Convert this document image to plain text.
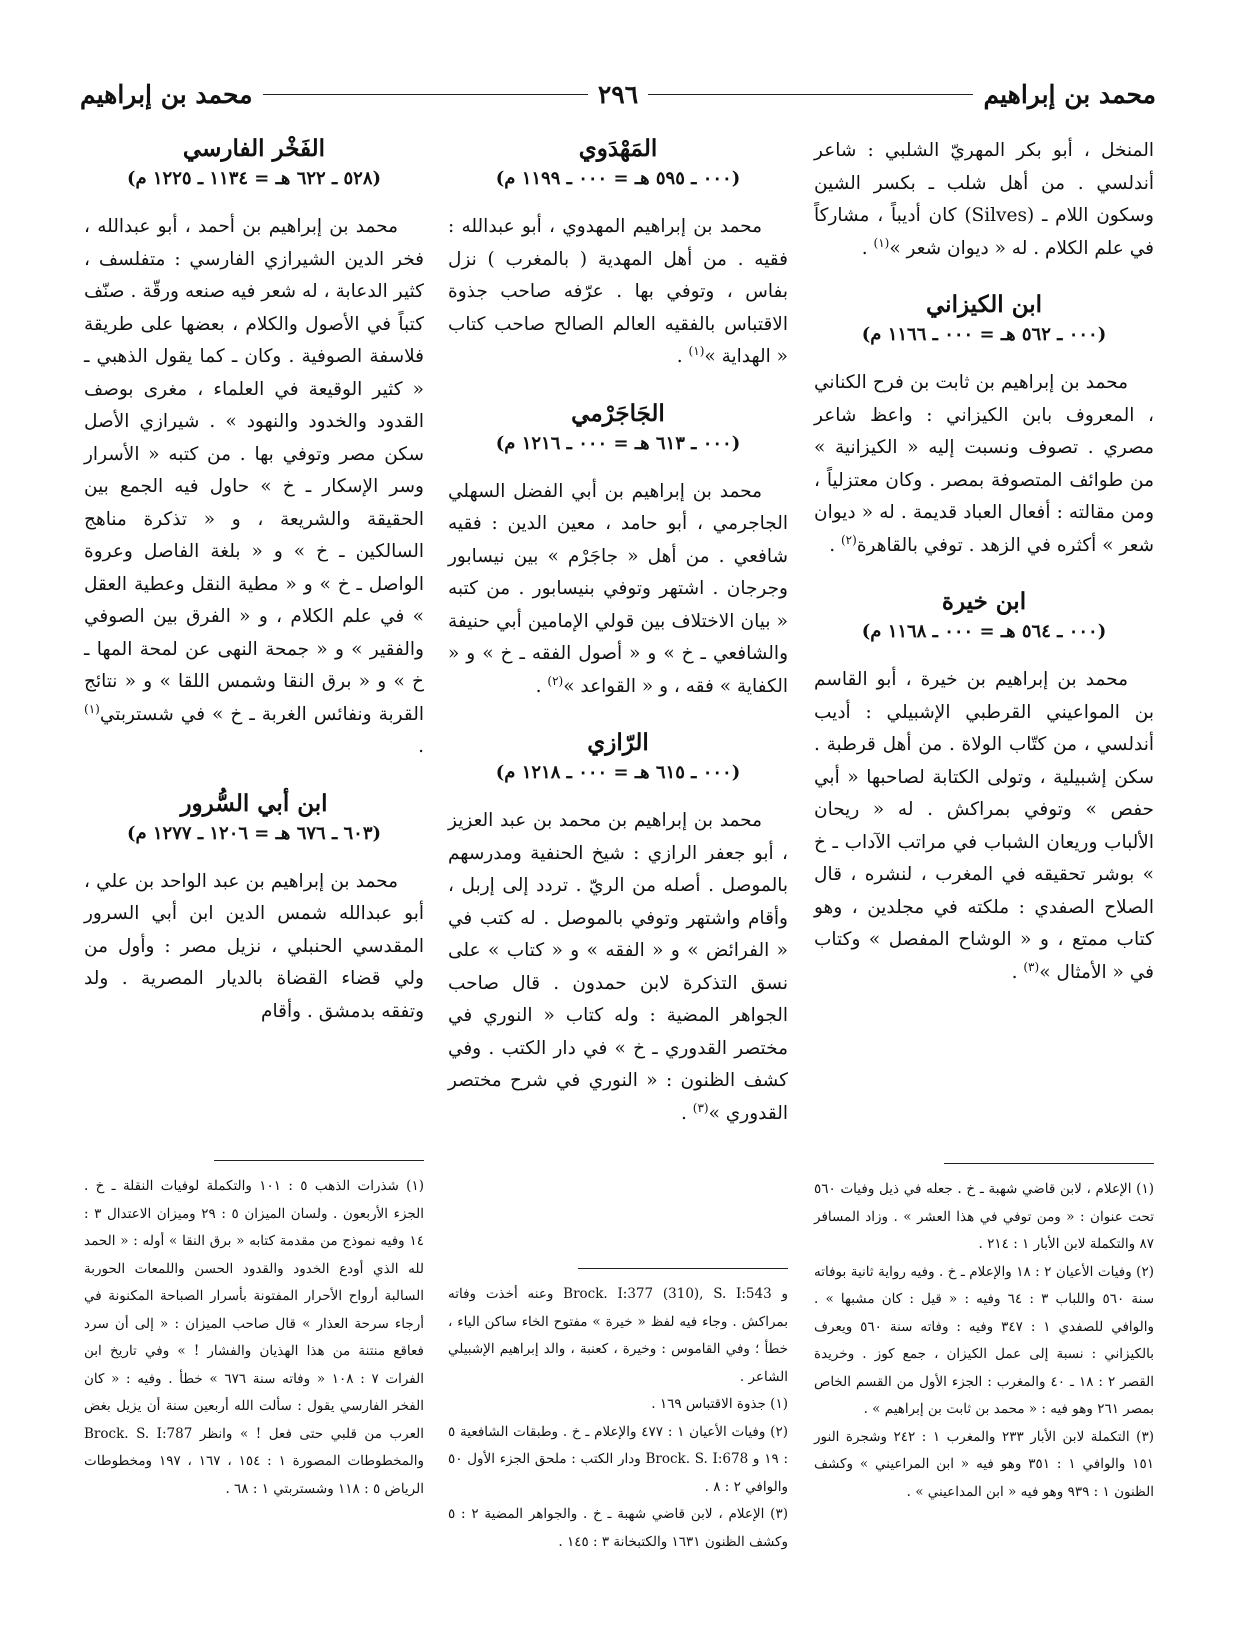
محمد بن إبراهيم
٢٩٦
محمد بن إبراهيم

المنخل ، أبو بكر المهريّ الشلبي : شاعر أندلسي . من أهل شلب ـ بكسر الشين وسكون اللام ـ (Silves) كان أديباً ، مشاركاً في علم الكلام . له « ديوان شعر »$^{(١)}$ .

ابن الكيزاني
(٠٠٠ ـ ٥٦٢ هـ = ٠٠٠ ـ ١١٦٦ م)

محمد بن إبراهيم بن ثابت بن فرح الكناني ، المعروف بابن الكيزاني : واعظ شاعر مصري . تصوف ونسبت إليه « الكيزانية » من طوائف المتصوفة بمصر . وكان معتزلياً ، ومن مقالته : أفعال العباد قديمة . له « ديوان شعر » أكثره في الزهد . توفي بالقاهرة$^{(٢)}$ .

ابن خيرة
(٠٠٠ ـ ٥٦٤ هـ = ٠٠٠ ـ ١١٦٨ م)

محمد بن إبراهيم بن خيرة ، أبو القاسم بن المواعيني القرطبي الإشبيلي : أديب أندلسي ، من كتّاب الولاة . من أهل قرطبة . سكن إشبيلية ، وتولى الكتابة لصاحبها « أبي حفص » وتوفي بمراكش . له « ريحان الألباب وريعان الشباب في مراتب الآداب ـ خ » بوشر تحقيقه في المغرب ، لنشره ، قال الصلاح الصفدي : ملكته في مجلدين ، وهو كتاب ممتع ، و « الوشاح المفصل » وكتاب في « الأمثال »$^{(٣)}$ .

المَهْدَوي
(٠٠٠ ـ ٥٩٥ هـ = ٠٠٠ ـ ١١٩٩ م)

محمد بن إبراهيم المهدوي ، أبو عبدالله : فقيه . من أهل المهدية ( بالمغرب ) نزل بفاس ، وتوفي بها . عرّفه صاحب جذوة الاقتباس بالفقيه العالم الصالح صاحب كتاب « الهداية »$^{(١)}$ .

الجَاجَرْمي
(٠٠٠ ـ ٦١٣ هـ = ٠٠٠ ـ ١٢١٦ م)

محمد بن إبراهيم بن أبي الفضل السهلي الجاجرمي ، أبو حامد ، معين الدين : فقيه شافعي . من أهل « جاجَرْم » بين نيسابور وجرجان . اشتهر وتوفي بنيسابور . من كتبه « بيان الاختلاف بين قولي الإمامين أبي حنيفة والشافعي ـ خ » و « أصول الفقه ـ خ » و « الكفاية » فقه ، و « القواعد »$^{(٢)}$ .

الرّازي
(٠٠٠ ـ ٦١٥ هـ = ٠٠٠ ـ ١٢١٨ م)

محمد بن إبراهيم بن محمد بن عبد العزيز ، أبو جعفر الرازي : شيخ الحنفية ومدرسهم بالموصل . أصله من الريّ . تردد إلى إربل ، وأقام واشتهر وتوفي بالموصل . له كتب في « الفرائض » و « الفقه » و « كتاب » على نسق التذكرة لابن حمدون . قال صاحب الجواهر المضية : وله كتاب « النوري في مختصر القدوري ـ خ » في دار الكتب . وفي كشف الظنون : « النوري في شرح مختصر القدوري »$^{(٣)}$ .

الفَخْر الفارسي
(٥٢٨ ـ ٦٢٢ هـ = ١١٣٤ ـ ١٢٢٥ م)

محمد بن إبراهيم بن أحمد ، أبو عبدالله ، فخر الدين الشيرازي الفارسي : متفلسف ، كثير الدعابة ، له شعر فيه صنعه ورقّة . صنّف كتباً في الأصول والكلام ، بعضها على طريقة فلاسفة الصوفية . وكان ـ كما يقول الذهبي ـ « كثير الوقيعة في العلماء ، مغرى بوصف القدود والخدود والنهود » . شيرازي الأصل سكن مصر وتوفي بها . من كتبه « الأسرار وسر الإسكار ـ خ » حاول فيه الجمع بين الحقيقة والشريعة ، و « تذكرة مناهج السالكين ـ خ » و « بلغة الفاصل وعروة الواصل ـ خ » و « مطية النقل وعطية العقل » في علم الكلام ، و « الفرق بين الصوفي والفقير » و « جمحة النهى عن لمحة المها ـ خ » و « برق النقا وشمس اللقا » و « نتائج القربة ونفائس الغربة ـ خ » في شستربتي$^{(١)}$ .

ابن أبي السُّرور
(٦٠٣ ـ ٦٧٦ هـ = ١٢٠٦ ـ ١٢٧٧ م)

محمد بن إبراهيم بن عبد الواحد بن علي ، أبو عبدالله شمس الدين ابن أبي السرور المقدسي الحنبلي ، نزيل مصر : وأول من ولي قضاء القضاة بالديار المصرية . ولد وتفقه بدمشق . وأقام

(١) الإعلام ، لابن قاضي شهبة ـ خ . جعله في ذيل وفيات ٥٦٠ تحت عنوان : « ومن توفي في هذا العشر » . وزاد المسافر ٨٧ والتكملة لابن الأبار ١ : ٢١٤ .

(٢) وفيات الأعيان ٢ : ١٨ والإعلام ـ خ . وفيه رواية ثانية بوفاته سنة ٥٦٠ واللباب ٣ : ٦٤ وفيه : « قيل : كان مشبها » . والوافي للصفدي ١ : ٣٤٧ وفيه : وفاته سنة ٥٦٠ ويعرف بالكيزاني : نسبة إلى عمل الكيزان ، جمع كوز . وخريدة القصر ٢ : ١٨ ـ ٤٠ والمغرب : الجزء الأول من القسم الخاص بمصر ٢٦١ وهو فيه : « محمد بن ثابت بن إبراهيم » .

(٣) التكملة لابن الأبار ٢٣٣ والمغرب ١ : ٢٤٢ وشجرة النور ١٥١ والوافي ١ : ٣٥١ وهو فيه « ابن المراعيني » وكشف الظنون ١ : ٩٣٩ وهو فيه « ابن المداعيني » .

و Brock. I:377 (310), S. I:543 وعنه أخذت وفاته بمراكش . وجاء فيه لفظ « خيرة » مفتوح الخاء ساكن الياء ، خطأ ؛ وفي القاموس : وخيرة ، كعنبة ، والد إبراهيم الإشبيلي الشاعر .

(١) جذوة الاقتباس ١٦٩ .

(٢) وفيات الأعيان ١ : ٤٧٧ والإعلام ـ خ . وطبقات الشافعية ٥ : ١٩ و Brock. S. I:678 ودار الكتب : ملحق الجزء الأول ٥٠ والوافي ٢ : ٨ .

(٣) الإعلام ، لابن قاضي شهبة ـ خ . والجواهر المضية ٢ : ٥ وكشف الظنون ١٦٣١ والكتبخانة ٣ : ١٤٥ .

(١) شذرات الذهب ٥ : ١٠١ والتكملة لوفيات النقلة ـ خ . الجزء الأربعون . ولسان الميزان ٥ : ٢٩ وميزان الاعتدال ٣ : ١٤ وفيه نموذج من مقدمة كتابه « برق النقا » أوله : « الحمد لله الذي أودع الخدود والقدود الحسن واللمعات الحوربة السالبة أرواح الأحرار المفتونة بأسرار الصباحة المكنونة في أرجاء سرحة العذار » قال صاحب الميزان : « إلى أن سرد فعاقع منتنة من هذا الهذيان والفشار ! » وفي تاريخ ابن الفرات ٧ : ١٠٨ « وفاته سنة ٦٧٦ » خطأ . وفيه : « كان الفخر الفارسي يقول : سألت الله أربعين سنة أن يزيل بغض العرب من قلبي حتى فعل ! » وانظر Brock. S. I:787 والمخطوطات المصورة ١ : ١٥٤ ، ١٦٧ ، ١٩٧ ومخطوطات الرياض ٥ : ١١٨ وشستربتي ١ : ٦٨ .
